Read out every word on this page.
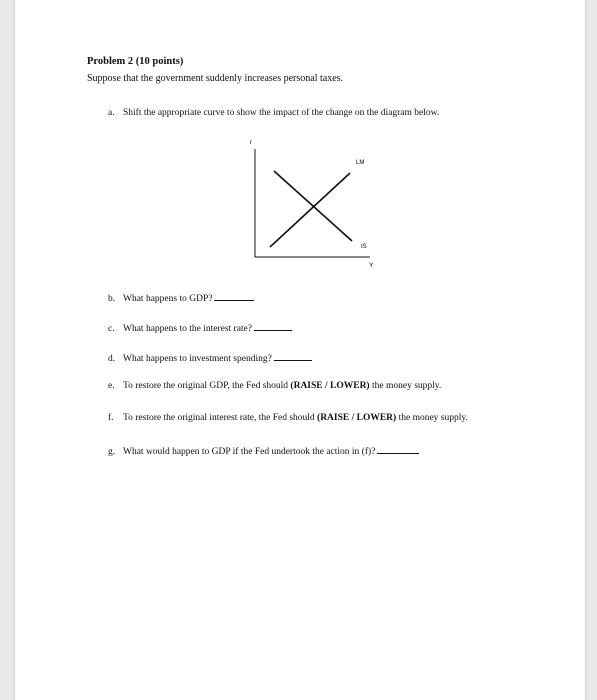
Problem 2 (10 points)
Suppose that the government suddenly increases personal taxes.
a. Shift the appropriate curve to show the impact of the change on the diagram below.
r
LM
IS
Y
b. What happens to GDP?
c. What happens to the interest rate?
d. What happens to investment spending?
e. To restore the original GDP, the Fed should (RAISE / LOWER) the money supply.
f. To restore the original interest rate, the Fed should (RAISE / LOWER) the money supply.
g. What would happen to GDP if the Fed undertook the action in (f)?
